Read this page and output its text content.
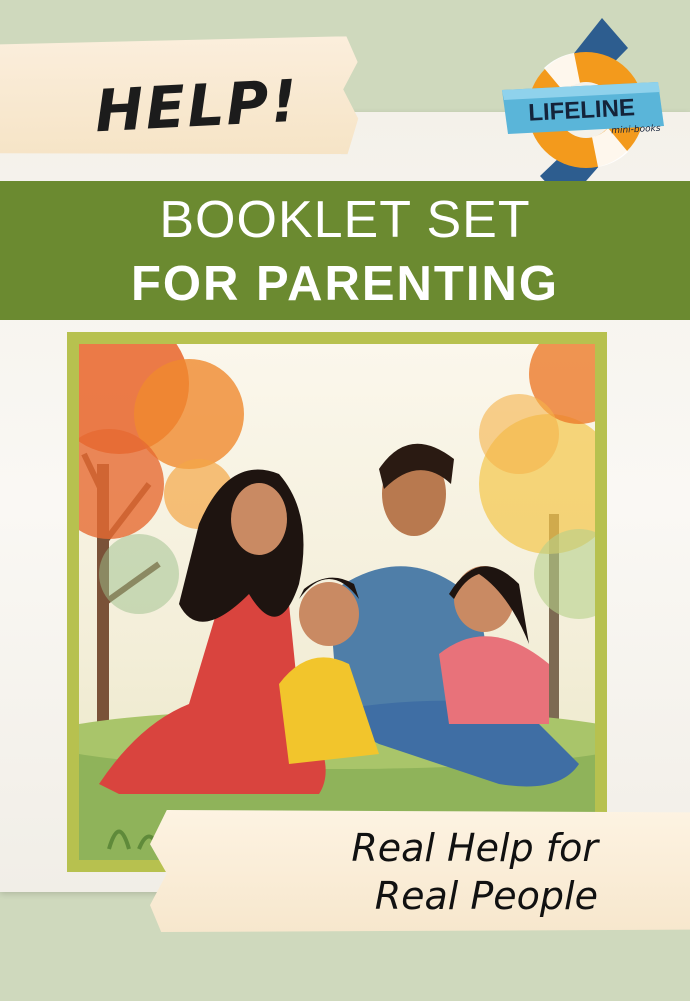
HELP!	LIFELINE
mini-books
BOOKLET SET
FOR PARENTING

Real Help for

Real People
